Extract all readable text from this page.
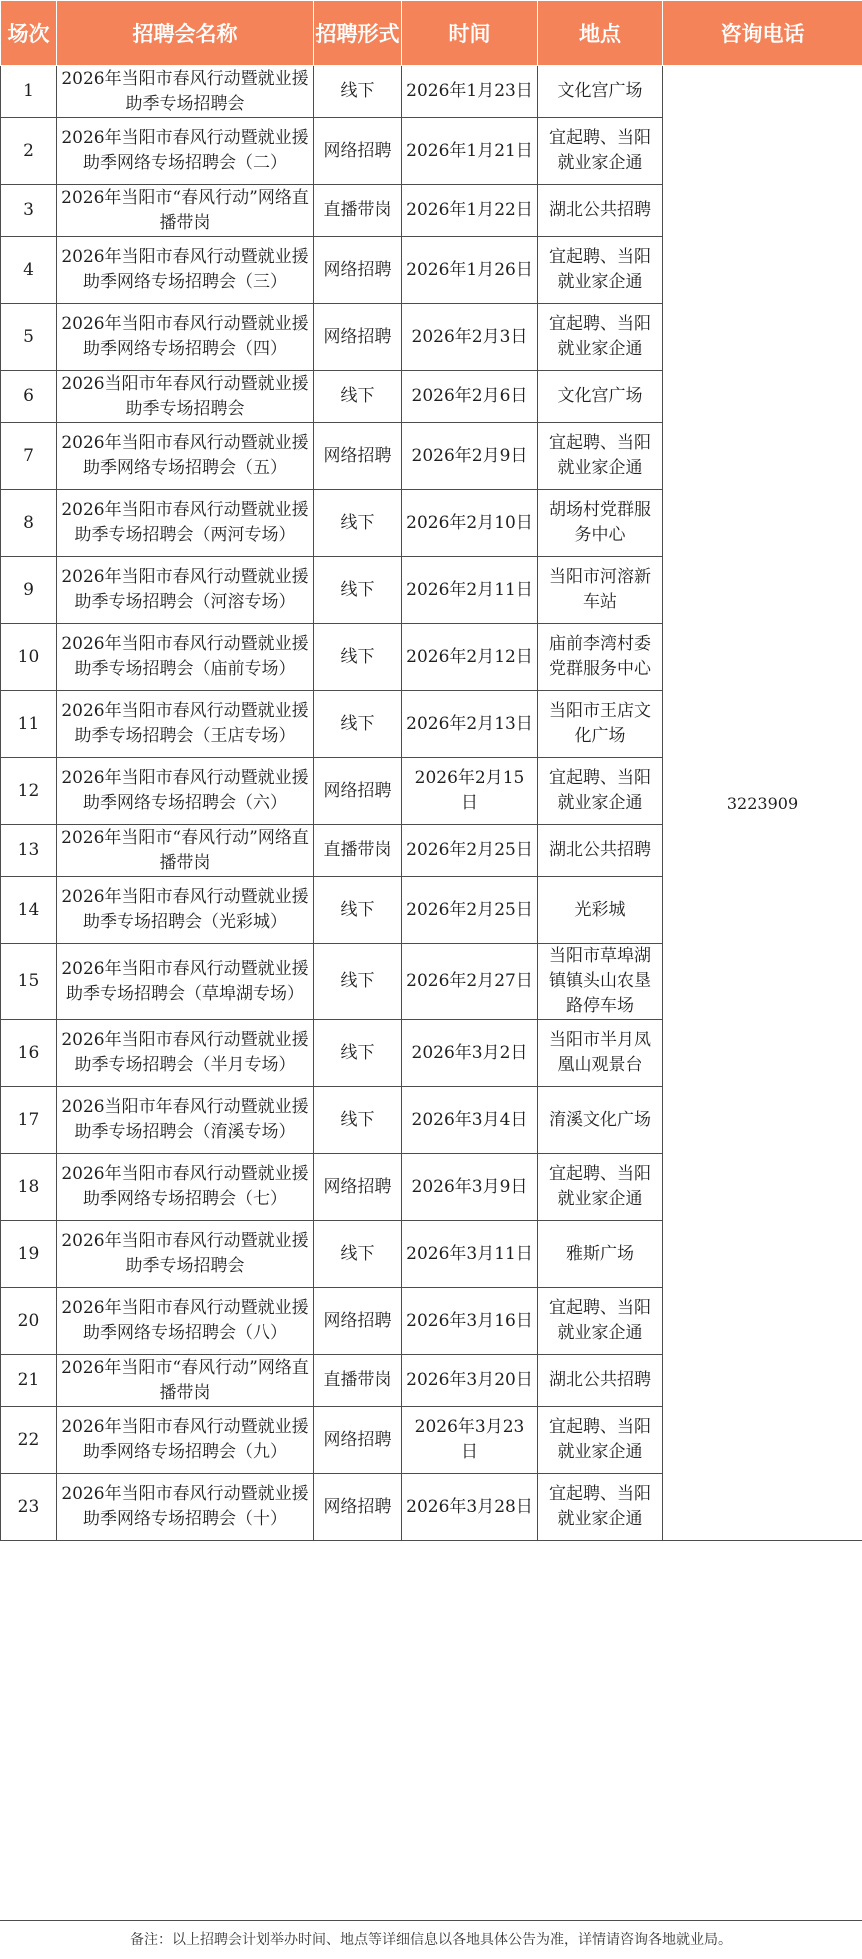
场次	招聘会名称	招聘形式	时间	地点	咨询电话
1	2026年当阳市春风行动暨就业援助季专场招聘会	线下	2026年1月23日	文化宫广场	3223909
2	2026年当阳市春风行动暨就业援助季网络专场招聘会（二）	网络招聘	2026年1月21日	宜起聘、当阳就业家企通	
3	2026年当阳市“春风行动”网络直播带岗	直播带岗	2026年1月22日	湖北公共招聘	
4	2026年当阳市春风行动暨就业援助季网络专场招聘会（三）	网络招聘	2026年1月26日	宜起聘、当阳就业家企通	
5	2026年当阳市春风行动暨就业援助季网络专场招聘会（四）	网络招聘	2026年2月3日	宜起聘、当阳就业家企通	
6	2026当阳市年春风行动暨就业援助季专场招聘会	线下	2026年2月6日	文化宫广场	
7	2026年当阳市春风行动暨就业援助季网络专场招聘会（五）	网络招聘	2026年2月9日	宜起聘、当阳就业家企通	
8	2026年当阳市春风行动暨就业援助季专场招聘会（两河专场）	线下	2026年2月10日	胡场村党群服务中心	
9	2026年当阳市春风行动暨就业援助季专场招聘会（河溶专场）	线下	2026年2月11日	当阳市河溶新车站	
10	2026年当阳市春风行动暨就业援助季专场招聘会（庙前专场）	线下	2026年2月12日	庙前李湾村委党群服务中心	
11	2026年当阳市春风行动暨就业援助季专场招聘会（王店专场）	线下	2026年2月13日	当阳市王店文化广场	
12	2026年当阳市春风行动暨就业援助季网络专场招聘会（六）	网络招聘	2026年2月15 日	宜起聘、当阳就业家企通	
13	2026年当阳市“春风行动”网络直播带岗	直播带岗	2026年2月25日	湖北公共招聘	
14	2026年当阳市春风行动暨就业援助季专场招聘会（光彩城）	线下	2026年2月25日	光彩城	
15	2026年当阳市春风行动暨就业援助季专场招聘会（草埠湖专场）	线下	2026年2月27日	当阳市草埠湖镇镇头山农垦路停车场	
16	2026年当阳市春风行动暨就业援助季专场招聘会（半月专场）	线下	2026年3月2日	当阳市半月凤凰山观景台	
17	2026当阳市年春风行动暨就业援助季专场招聘会（淯溪专场）	线下	2026年3月4日	淯溪文化广场	
18	2026年当阳市春风行动暨就业援助季网络专场招聘会（七）	网络招聘	2026年3月9日	宜起聘、当阳就业家企通	
19	2026年当阳市春风行动暨就业援助季专场招聘会	线下	2026年3月11日	雅斯广场	
20	2026年当阳市春风行动暨就业援助季网络专场招聘会（八）	网络招聘	2026年3月16日	宜起聘、当阳就业家企通	
21	2026年当阳市“春风行动”网络直播带岗	直播带岗	2026年3月20日	湖北公共招聘	
22	2026年当阳市春风行动暨就业援助季网络专场招聘会（九）	网络招聘	2026年3月23 日	宜起聘、当阳就业家企通	
23	2026年当阳市春风行动暨就业援助季网络专场招聘会（十）	网络招聘	2026年3月28日	宜起聘、当阳就业家企通	
备注：以上招聘会计划举办时间、地点等详细信息以各地具体公告为准，详情请咨询各地就业局。
